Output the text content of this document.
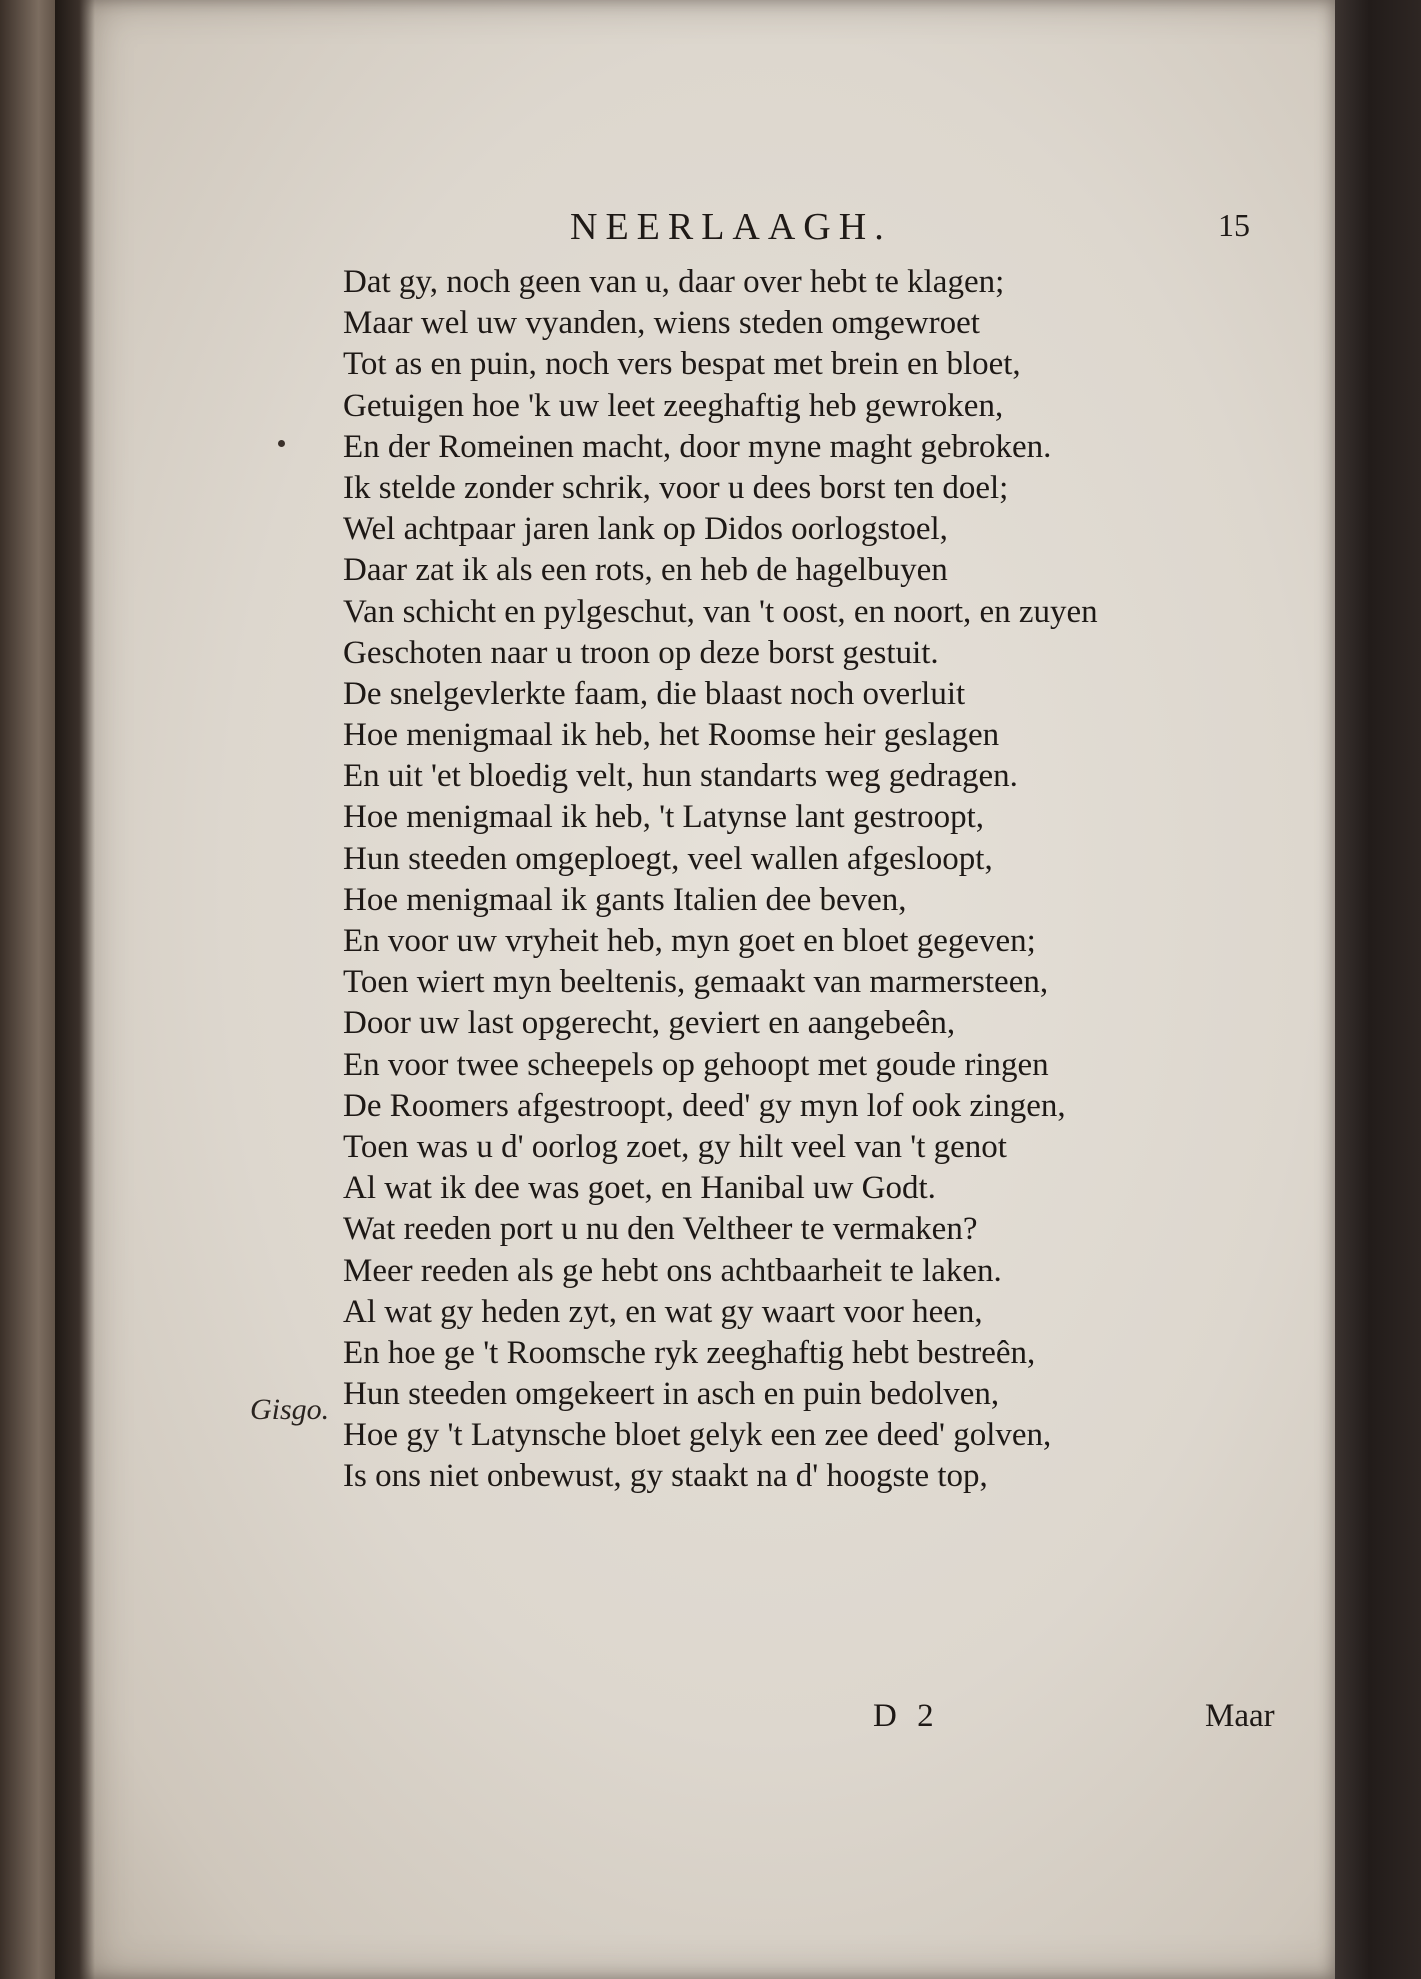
NEERLAAGH.	15
Dat gy, noch geen van u, daar over hebt te klagen;
Maar wel uw vyanden, wiens steden omgewroet
Tot as en puin, noch vers bespat met brein en bloet,
Getuigen hoe 'k uw leet zeeghaftig heb gewroken,
En der Romeinen macht, door myne maght gebroken.
Ik stelde zonder schrik, voor u dees borst ten doel;
Wel achtpaar jaren lank op Didos oorlogstoel,
Daar zat ik als een rots, en heb de hagelbuyen
Van schicht en pylgeschut, van 't oost, en noort, en zuyen
Geschoten naar u troon op deze borst gestuit.
De snelgevlerkte faam, die blaast noch overluit
Hoe menigmaal ik heb, het Roomse heir geslagen
En uit 'et bloedig velt, hun standarts weg gedragen.
Hoe menigmaal ik heb, 't Latynse lant gestroopt,
Hun steeden omgeploegt, veel wallen afgesloopt,
Hoe menigmaal ik gants Italien dee beven,
En voor uw vryheit heb, myn goet en bloet gegeven;
Toen wiert myn beeltenis, gemaakt van marmersteen,
Door uw last opgerecht, geviert en aangebeên,
En voor twee scheepels op gehoopt met goude ringen
De Roomers afgestroopt, deed' gy myn lof ook zingen,
Toen was u d' oorlog zoet, gy hilt veel van 't genot
Al wat ik dee was goet, en Hanibal uw Godt.
Wat reeden port u nu den Veltheer te vermaken?
Meer reeden als ge hebt ons achtbaarheit te laken.
Al wat gy heden zyt, en wat gy waart voor heen,
En hoe ge 't Roomsche ryk zeeghaftig hebt bestreên,
Hun steeden omgekeert in asch en puin bedolven,
Hoe gy 't Latynsche bloet gelyk een zee deed' golven,
Is ons niet onbewust, gy staakt na d' hoogste top,
Gisgo.
D 2	Maar
